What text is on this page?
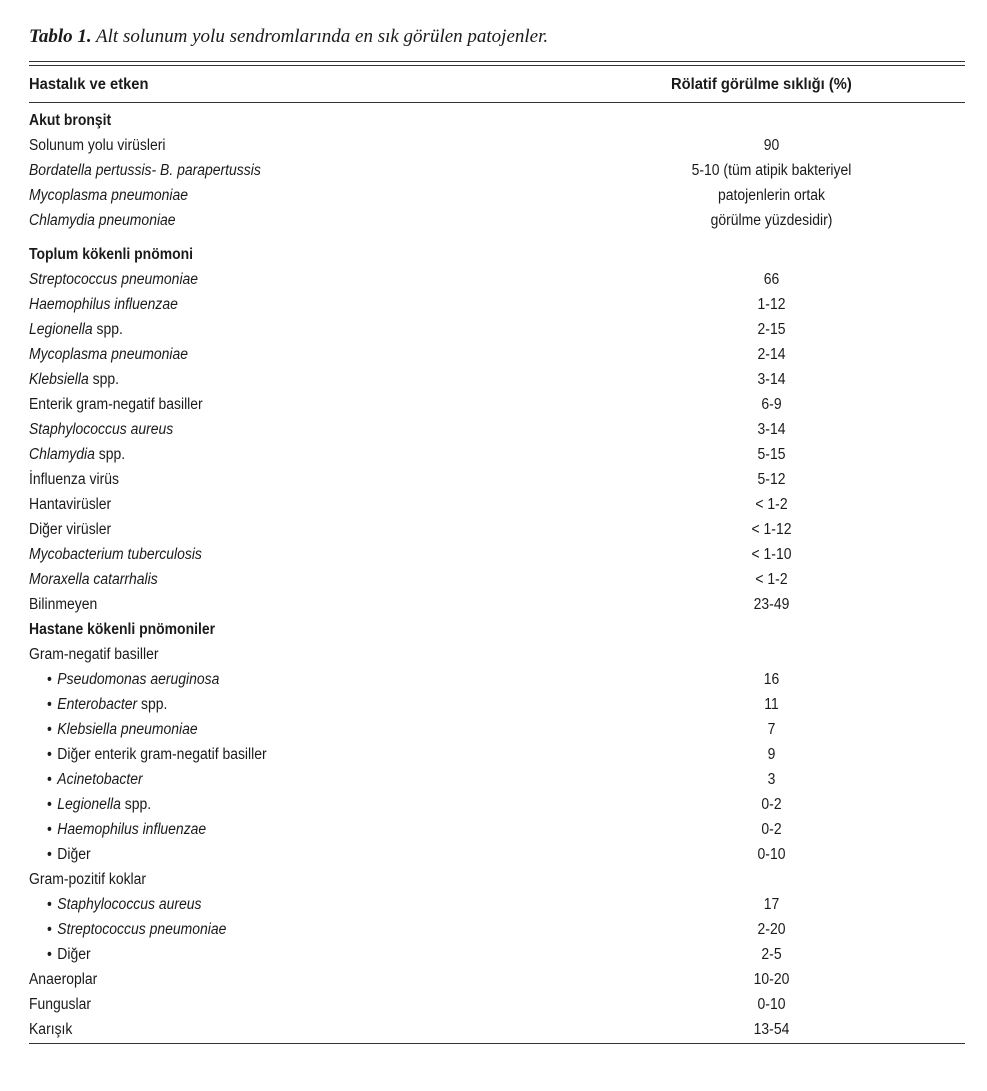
Tablo 1. Alt solunum yolu sendromlarında en sık görülen patojenler.
Hastalık ve etken	Rölatif görülme sıklığı (%)
Akut bronşit
Solunum yolu virüsleri	90
Bordatella pertussis- B. parapertussis	5-10 (tüm atipik bakteriyel
Mycoplasma pneumoniae	patojenlerin ortak
Chlamydia pneumoniae	görülme yüzdesidir)
Toplum kökenli pnömoni
Streptococcus pneumoniae	66
Haemophilus influenzae	1-12
Legionella spp.	2-15
Mycoplasma pneumoniae	2-14
Klebsiella spp.	3-14
Enterik gram-negatif basiller	6-9
Staphylococcus aureus	3-14
Chlamydia spp.	5-15
İnfluenza virüs	5-12
Hantavirüsler	< 1-2
Diğer virüsler	< 1-12
Mycobacterium tuberculosis	< 1-10
Moraxella catarrhalis	< 1-2
Bilinmeyen	23-49
Hastane kökenli pnömoniler
Gram-negatif basiller
• Pseudomonas aeruginosa	16
• Enterobacter spp.	11
• Klebsiella pneumoniae	7
• Diğer enterik gram-negatif basiller	9
• Acinetobacter	3
• Legionella spp.	0-2
• Haemophilus influenzae	0-2
• Diğer	0-10
Gram-pozitif koklar
• Staphylococcus aureus	17
• Streptococcus pneumoniae	2-20
• Diğer	2-5
Anaeroplar	10-20
Funguslar	0-10
Karışık	13-54
